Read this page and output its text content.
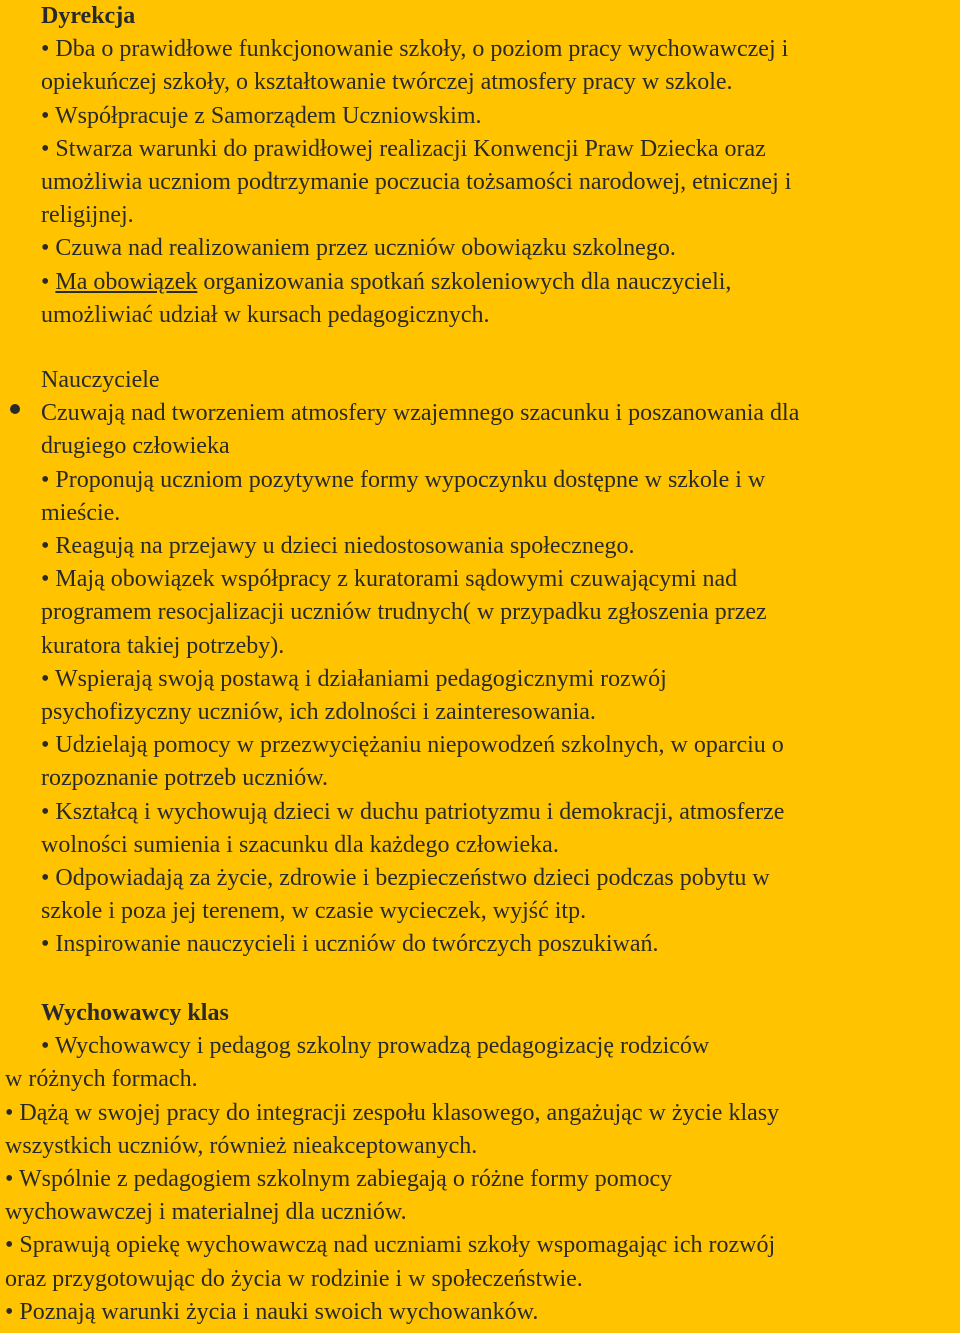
Dyrekcja
• Dba o prawidłowe funkcjonowanie szkoły, o poziom pracy wychowawczej i
opiekuńczej szkoły, o kształtowanie twórczej atmosfery pracy w szkole.
• Współpracuje z Samorządem Uczniowskim.
• Stwarza warunki do prawidłowej realizacji Konwencji Praw Dziecka oraz
umożliwia uczniom podtrzymanie poczucia tożsamości narodowej, etnicznej i
religijnej.
• Czuwa nad realizowaniem przez uczniów obowiązku szkolnego.
• Ma obowiązek organizowania spotkań szkoleniowych dla nauczycieli,
umożliwiać udział w kursach pedagogicznych.
Nauczyciele
Czuwają nad tworzeniem atmosfery wzajemnego szacunku i poszanowania dla
drugiego człowieka
• Proponują uczniom pozytywne formy wypoczynku dostępne w szkole i w
mieście.
• Reagują na przejawy u dzieci niedostosowania społecznego.
• Mają obowiązek współpracy z kuratorami sądowymi czuwającymi nad
programem resocjalizacji uczniów trudnych( w przypadku zgłoszenia przez
kuratora takiej potrzeby).
• Wspierają swoją postawą i działaniami pedagogicznymi rozwój
psychofizyczny uczniów, ich zdolności i zainteresowania.
• Udzielają pomocy w przezwyciężaniu niepowodzeń szkolnych, w oparciu o
rozpoznanie potrzeb uczniów.
• Kształcą i wychowują dzieci w duchu patriotyzmu i demokracji, atmosferze
wolności sumienia i szacunku dla każdego człowieka.
• Odpowiadają za życie, zdrowie i bezpieczeństwo dzieci podczas pobytu w
szkole i poza jej terenem, w czasie wycieczek, wyjść itp.
• Inspirowanie nauczycieli i uczniów do twórczych poszukiwań.
Wychowawcy klas
• Wychowawcy i pedagog szkolny prowadzą pedagogizację rodziców
w różnych formach.
• Dążą w swojej pracy do integracji zespołu klasowego, angażując w życie klasy
wszystkich uczniów, również nieakceptowanych.
• Wspólnie z pedagogiem szkolnym zabiegają o różne formy pomocy
wychowawczej i materialnej dla uczniów.
• Sprawują opiekę wychowawczą nad uczniami szkoły wspomagając ich rozwój
oraz przygotowując do życia w rodzinie i w społeczeństwie.
• Poznają warunki życia i nauki swoich wychowanków.
